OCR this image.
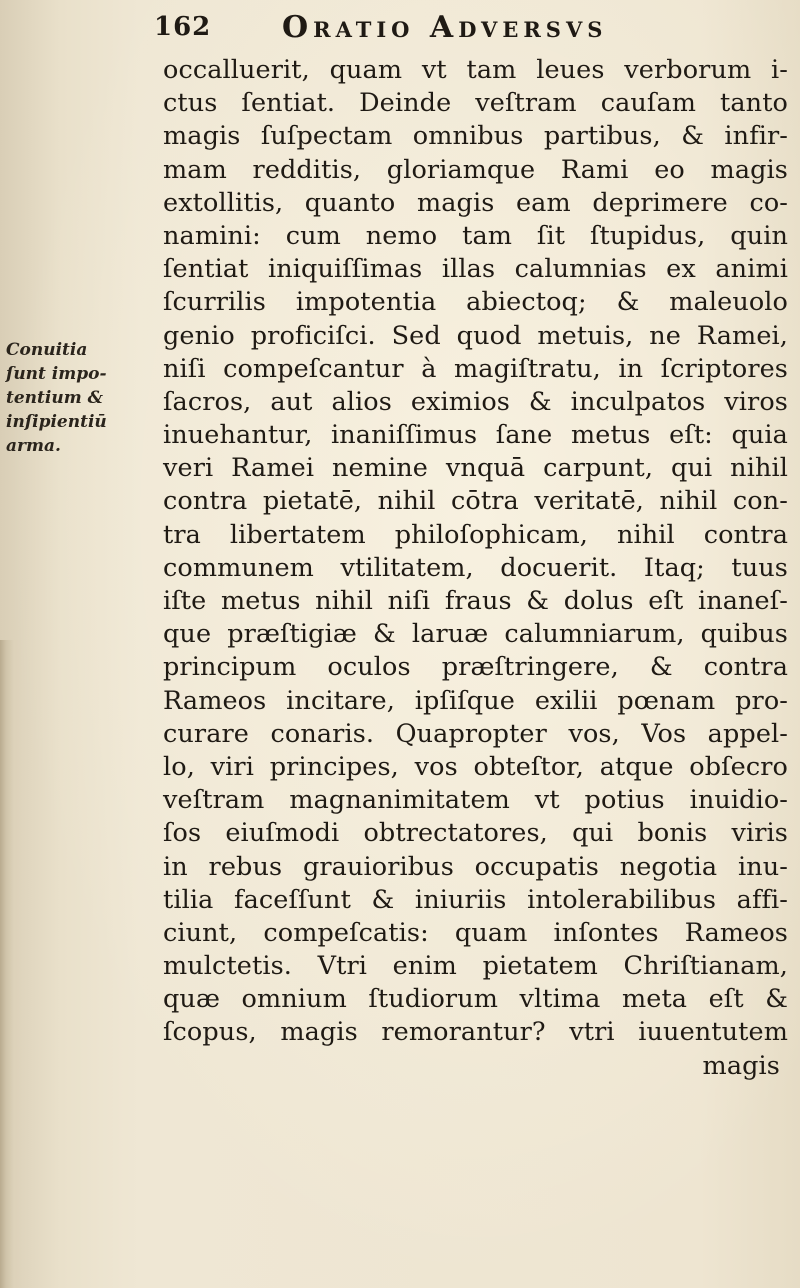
162 Oratio Adversvs
Conuitia
ſunt impo-
tentium &
inſipientiū
arma.
occalluerit, quam vt tam leues verborum i-
ctus ſentiat. Deinde veſtram cauſam tanto
magis ſuſpectam omnibus partibus, & infir-
mam redditis, gloriamque Rami eo magis
extollitis, quanto magis eam deprimere co-
namini: cum nemo tam ſit ſtupidus, quin
ſentiat iniquiſſimas illas calumnias ex animi
ſcurrilis impotentia abiectoq; & maleuolo
genio proficiſci. Sed quod metuis, ne Ramei,
niſi compeſcantur à magiſtratu, in ſcriptores
ſacros, aut alios eximios & inculpatos viros
inuehantur, inaniſſimus ſane metus eſt: quia
veri Ramei nemine vnquā carpunt, qui nihil
contra pietatē, nihil cōtra veritatē, nihil con-
tra libertatem philoſophicam, nihil contra
communem vtilitatem, docuerit. Itaq; tuus
iſte metus nihil niſi fraus & dolus eſt inaneſ-
que præſtigiæ & laruæ calumniarum, quibus
principum oculos præſtringere, & contra
Rameos incitare, ipſiſque exilii pœnam pro-
curare conaris. Quapropter vos, Vos appel-
lo, viri principes, vos obteſtor, atque obſecro
veſtram magnanimitatem vt potius inuidio-
ſos eiuſmodi obtrectatores, qui bonis viris
in rebus grauioribus occupatis negotia inu-
tilia faceſſunt & iniuriis intolerabilibus affi-
ciunt, compeſcatis: quam inſontes Rameos
mulctetis. Vtri enim pietatem Chriſtianam,
quæ omnium ſtudiorum vltima meta eſt &
ſcopus, magis remorantur? vtri iuuentutem
magis
